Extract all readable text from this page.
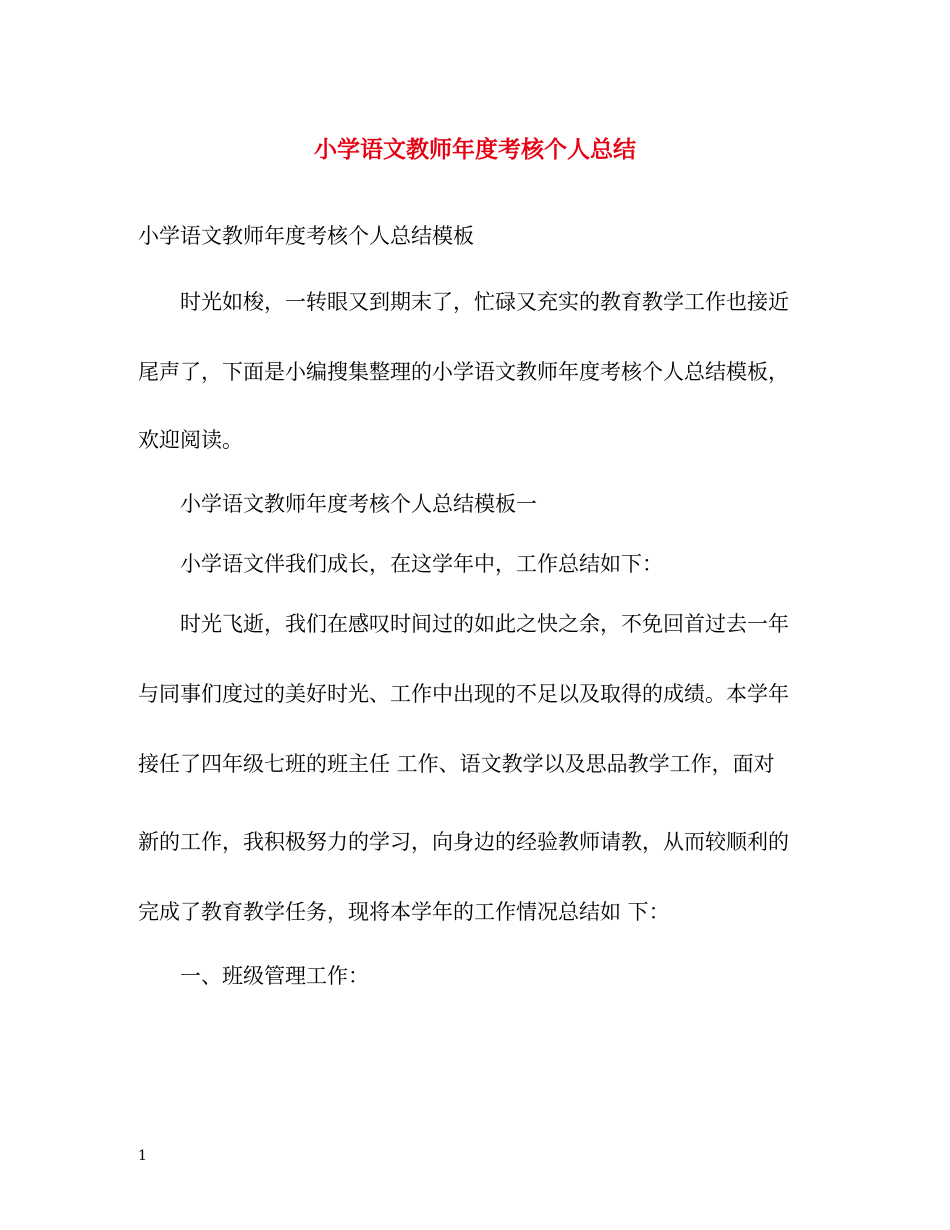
小学语文教师年度考核个人总结
小学语文教师年度考核个人总结模板
时光如梭，一转眼又到期末了，忙碌又充实的教育教学工作也接近
尾声了，下面是小编搜集整理的小学语文教师年度考核个人总结模板，
欢迎阅读。
小学语文教师年度考核个人总结模板一
小学语文伴我们成长，在这学年中，工作总结如下：
时光飞逝，我们在感叹时间过的如此之快之余，不免回首过去一年
与同事们度过的美好时光、工作中出现的不足以及取得的成绩。本学年
接任了四年级七班的班主任 工作、语文教学以及思品教学工作，面对
新的工作，我积极努力的学习，向身边的经验教师请教，从而较顺利的
完成了教育教学任务，现将本学年的工作情况总结如 下：
一、班级管理工作：
1
